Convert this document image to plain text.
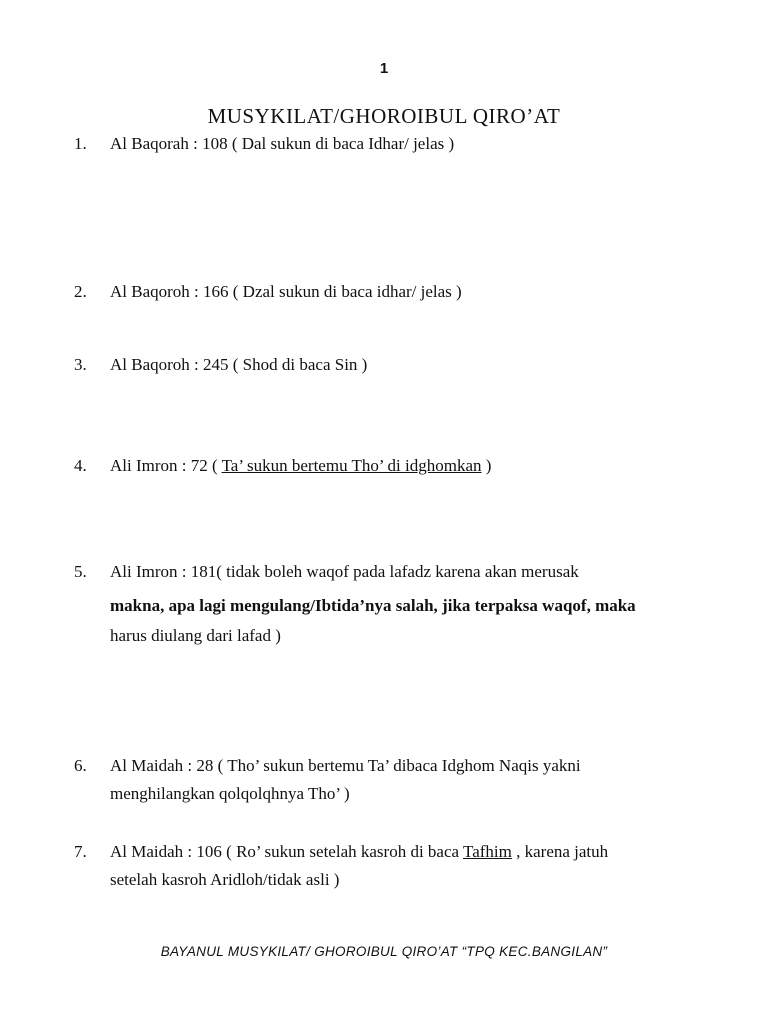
1
MUSYKILAT/GHOROIBUL QIRO’AT
1. Al Baqorah : 108 ( Dal sukun di baca Idhar/ jelas )
2. Al Baqoroh : 166 ( Dzal sukun di baca idhar/ jelas )
3. Al Baqoroh : 245 ( Shod di baca Sin )
4. Ali Imron : 72 ( Ta’ sukun bertemu Tho’ di idghomkan )
5. Ali Imron : 181( tidak boleh waqof pada lafadz karena akan merusak
makna, apa lagi mengulang/Ibtida’nya salah, jika terpaksa waqof, maka
harus diulang dari lafad )
6. Al Maidah : 28 ( Tho’ sukun bertemu Ta’ dibaca Idghom Naqis yakni
menghilangkan qolqolqhnya Tho’ )
7. Al Maidah : 106 ( Ro’ sukun setelah kasroh di baca Tafhim , karena jatuh
setelah kasroh Aridloh/tidak asli )
BAYANUL MUSYKILAT/ GHOROIBUL QIRO’AT “TPQ KEC.BANGILAN”
